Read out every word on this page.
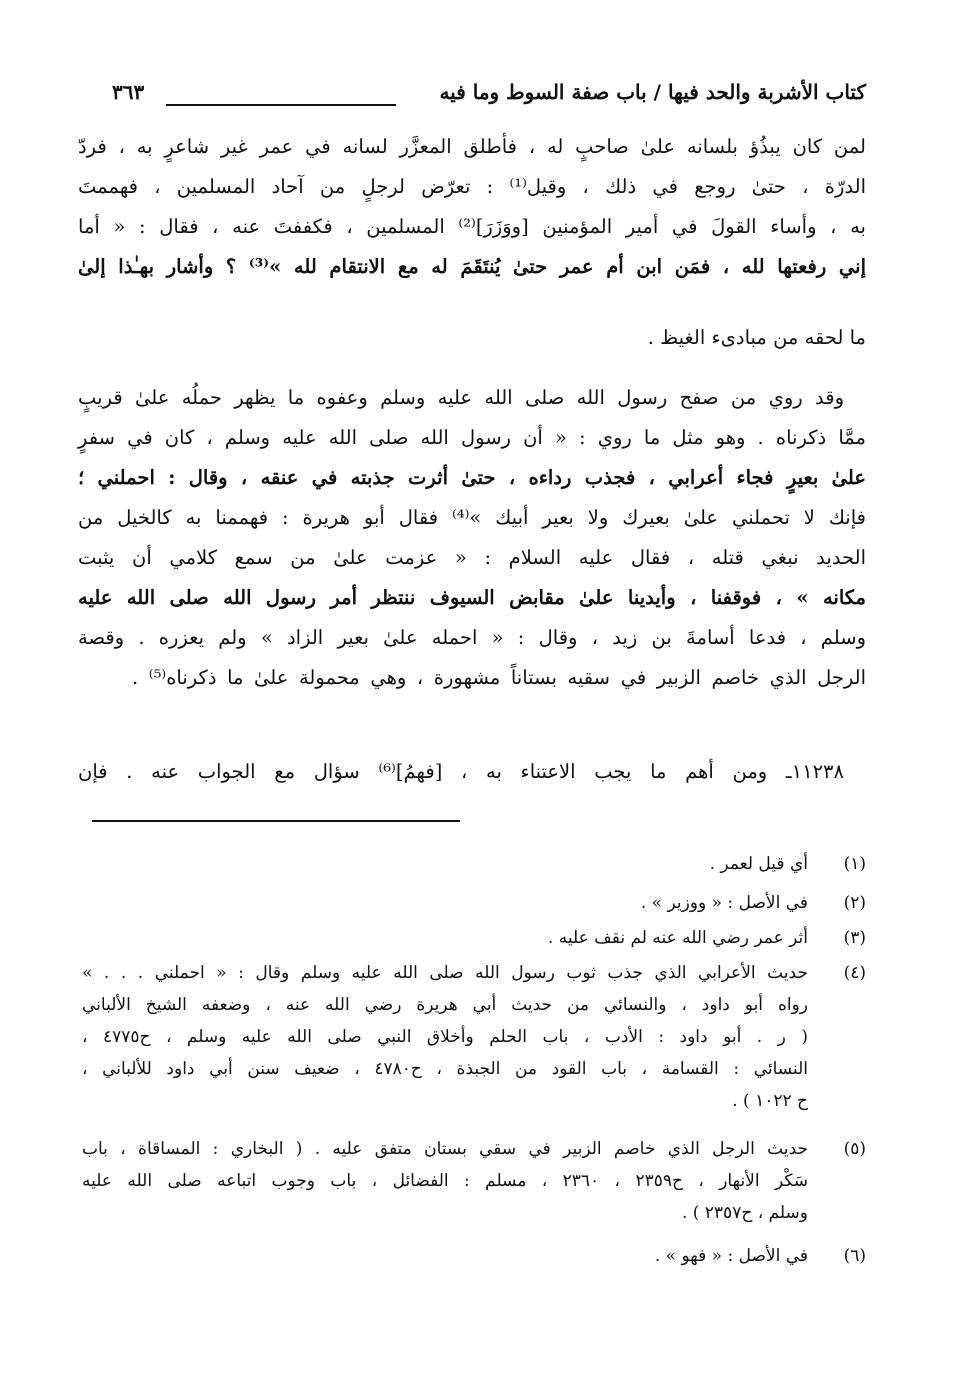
كتاب الأشربة والحد فيها / باب صفة السوط وما فيه
٣٦٣
لمن كان يبذُؤ بلسانه علىٰ صاحبٍ له ، فأطلق المعزَّر لسانه في عمر غير شاعرٍ به ، فردّ
الدرّة ، حتىٰ روجع في ذلك ، وقيل⁽¹⁾ : تعرّض لرجلٍ من آحاد المسلمين ، فهممتَ
به ، وأساء القولَ في أمير المؤمنين [ووَزَرَ]⁽²⁾ المسلمين ، فكففتَ عنه ، فقال : « أما
إني رفعتها لله ، فمَن ابن أم عمر حتىٰ يُنتَقَمَ له مع الانتقام لله »⁽³⁾ ؟ وأشار بهـٰذا إلىٰ
ما لحقه من مبادىء الغيظ .
وقد روي من صفح رسول الله صلى الله عليه وسلم وعفوه ما يظهر حملُه علىٰ قريبٍ
ممَّا ذكرناه . وهو مثل ما روي : « أن رسول الله صلى الله عليه وسلم ، كان في سفرٍ
علىٰ بعيرٍ فجاء أعرابي ، فجذب رداءه ، حتىٰ أثرت جذبته في عنقه ، وقال : احملني ؛
فإنك لا تحملني علىٰ بعيرك ولا بعير أبيك »⁽⁴⁾ فقال أبو هريرة : فهممنا به كالخيل من
الحديد نبغي قتله ، فقال عليه السلام : « عزمت علىٰ من سمع كلامي أن يثبت
مكانه » ، فوقفنا ، وأيدينا علىٰ مقابض السيوف ننتظر أمر رسول الله صلى الله عليه
وسلم ، فدعا أسامةَ بن زيد ، وقال : « احمله علىٰ بعير الزاد » ولم يعزره . وقصة
الرجل الذي خاصم الزبير في سقيه بستاناً مشهورة ، وهي محمولة علىٰ ما ذكرناه⁽⁵⁾ .
١١٢٣٨ـ ومن أهم ما يجب الاعتناء به ، [فهمُ]⁽⁶⁾ سؤال مع الجواب عنه . فإن
(١)
أي قيل لعمر .
(٢)
في الأصل : « ووزير » .
(٣)
أثر عمر رضي الله عنه لم نقف عليه .
(٤)
حديث الأعرابي الذي جذب ثوب رسول الله صلى الله عليه وسلم وقال : « احملني . . . »
رواه أبو داود ، والنسائي من حديث أبي هريرة رضي الله عنه ، وضعفه الشيخ الألباني
( ر . أبو داود : الأدب ، باب الحلم وأخلاق النبي صلى الله عليه وسلم ، ح٤٧٧٥ ،
النسائي : القسامة ، باب القود من الجبذة ، ح٤٧٨٠ ، ضعيف سنن أبي داود للألباني ،
ح ١٠٢٢ ) .
(٥)
حديث الرجل الذي خاصم الزبير في سقي بستان متفق عليه . ( البخاري : المساقاة ، باب
سَكْر الأنهار ، ح٢٣٥٩ ، ٢٣٦٠ ، مسلم : الفضائل ، باب وجوب اتباعه صلى الله عليه
وسلم ، ح٢٣٥٧ ) .
(٦)
في الأصل : « فهو » .
